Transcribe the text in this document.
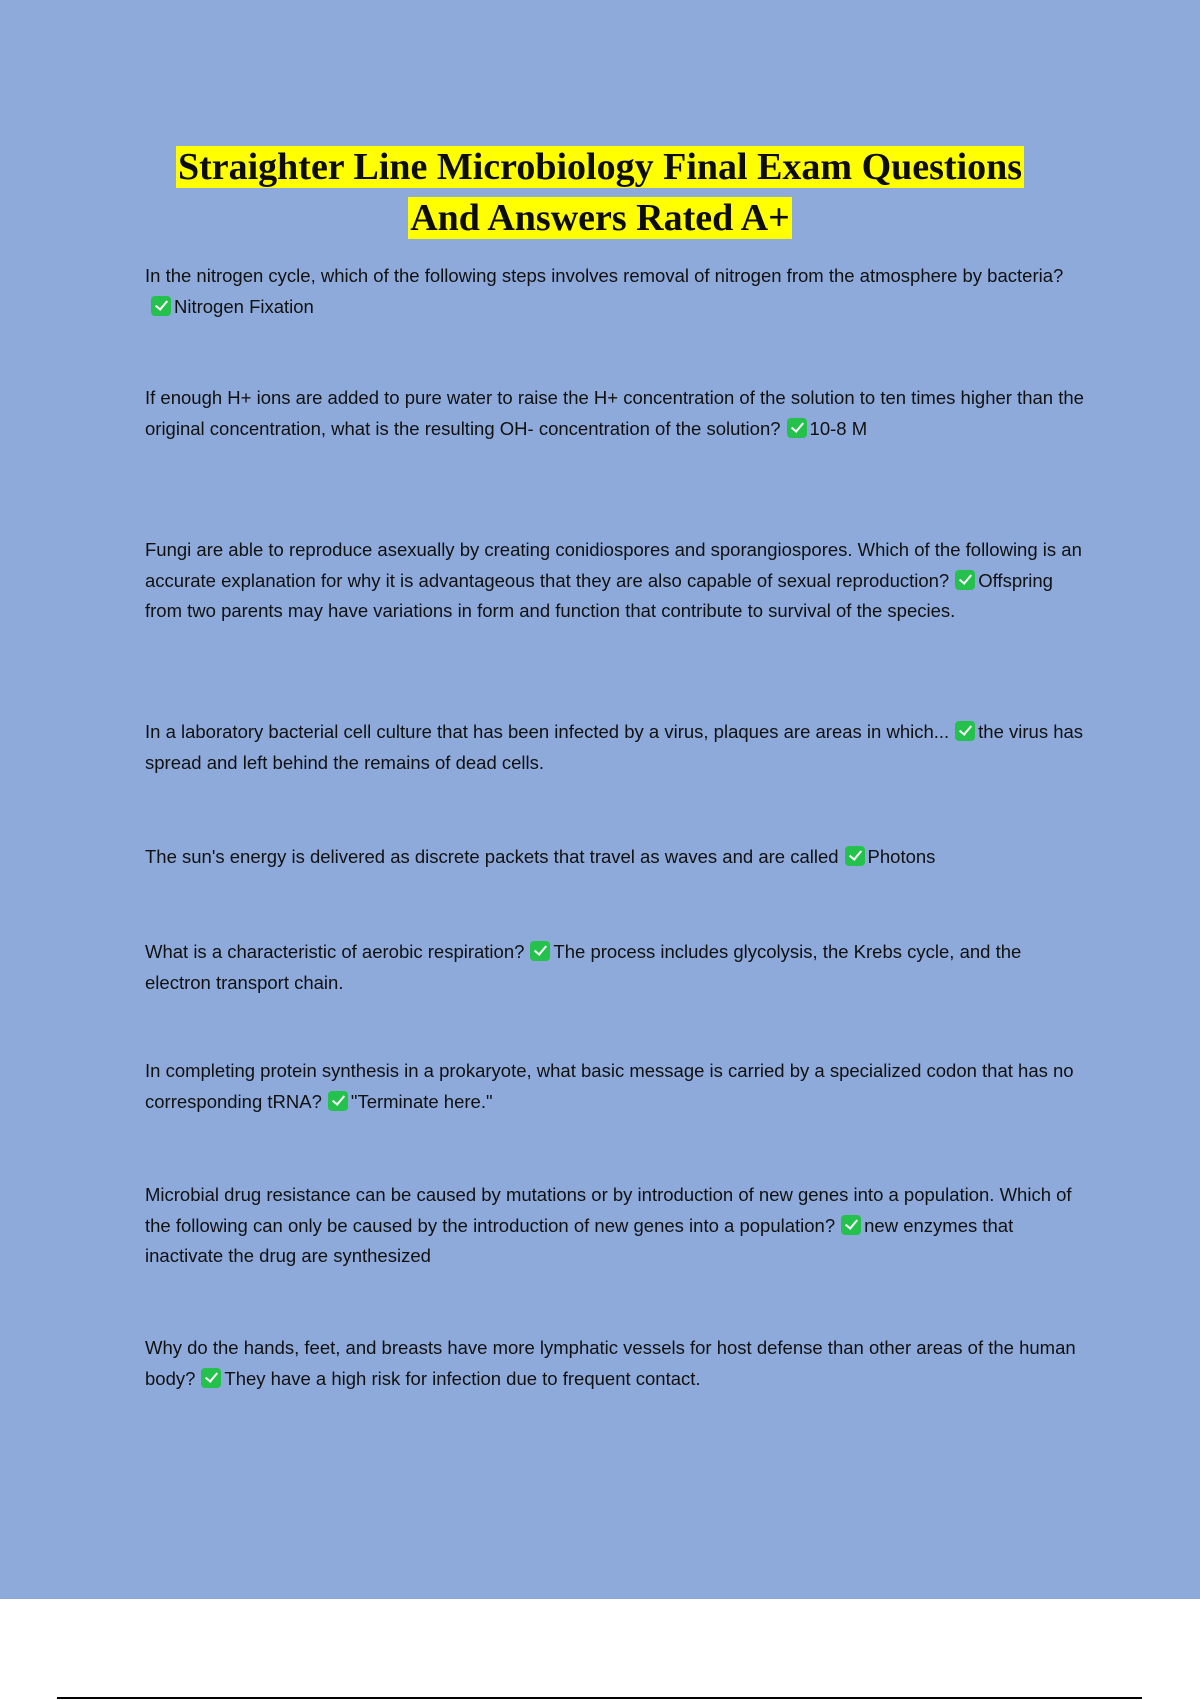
Straighter Line Microbiology Final Exam Questions
And Answers Rated A+

In the nitrogen cycle, which of the following steps involves removal of nitrogen from the atmosphere by bacteria?Nitrogen Fixation

If enough H+ ions are added to pure water to raise the H+ concentration of the solution to ten times higher than the original concentration, what is the resulting OH- concentration of the solution? 10-8 M

Fungi are able to reproduce asexually by creating conidiospores and sporangiospores. Which of the following is an accurate explanation for why it is advantageous that they are also capable of sexual reproduction? Offspring from two parents may have variations in form and function that contribute to survival of the species.

In a laboratory bacterial cell culture that has been infected by a virus, plaques are areas in which... the virus has spread and left behind the remains of dead cells.

The sun's energy is delivered as discrete packets that travel as waves and are called Photons

What is a characteristic of aerobic respiration? The process includes glycolysis, the Krebs cycle, and the electron transport chain.

In completing protein synthesis in a prokaryote, what basic message is carried by a specialized codon that has no corresponding tRNA? "Terminate here."

Microbial drug resistance can be caused by mutations or by introduction of new genes into a population. Which of the following can only be caused by the introduction of new genes into a population? new enzymes that inactivate the drug are synthesized

Why do the hands, feet, and breasts have more lymphatic vessels for host defense than other areas of the human body? They have a high risk for infection due to frequent contact.
